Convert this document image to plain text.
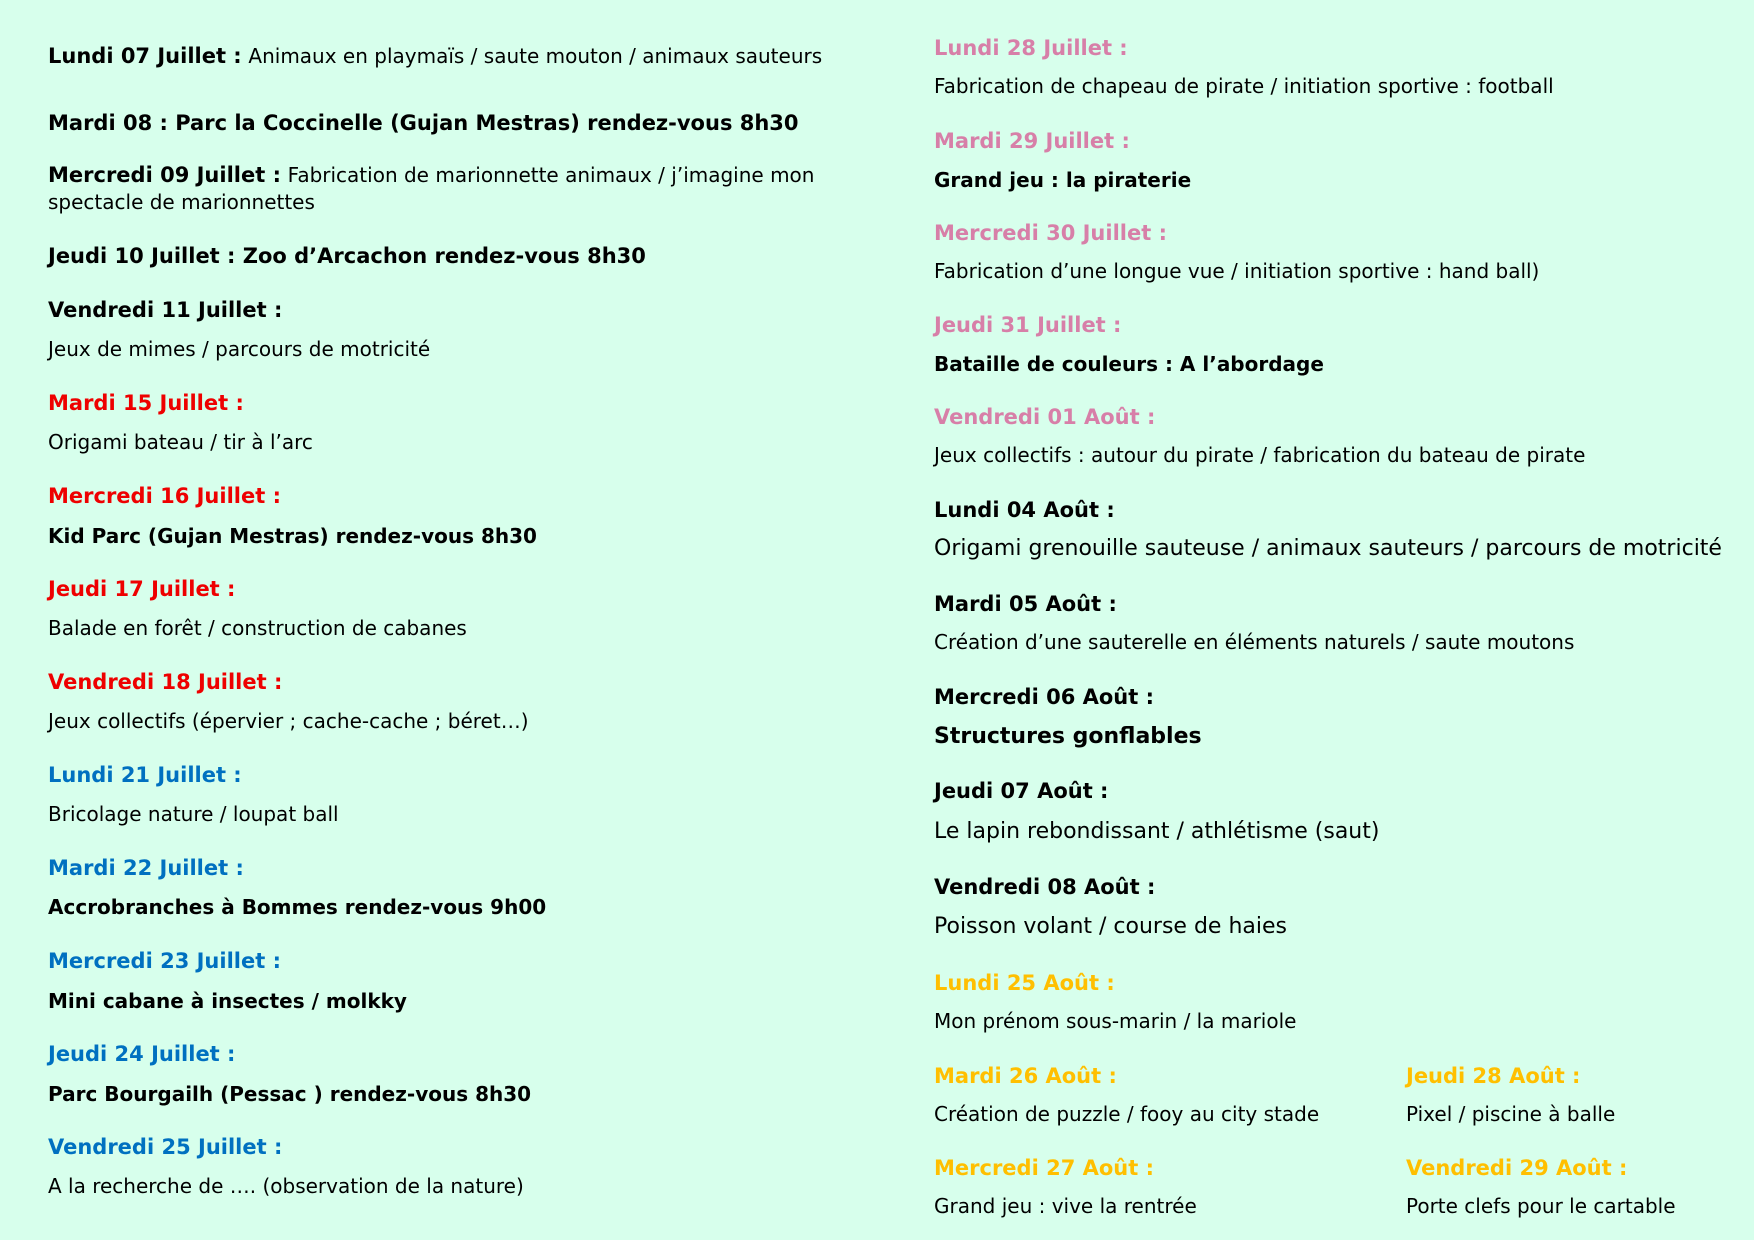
Lundi 07 Juillet : Animaux en playmaïs / saute mouton / animaux sauteurs
Mardi 08 : Parc la Coccinelle (Gujan Mestras) rendez-vous 8h30
Mercredi 09 Juillet : Fabrication de marionnette animaux / j’imagine mon spectacle de marionnettes
Jeudi 10 Juillet : Zoo d’Arcachon rendez-vous 8h30
Vendredi 11 Juillet :
Jeux de mimes / parcours de motricité
Mardi 15 Juillet :
Origami bateau / tir à l’arc
Mercredi 16 Juillet :
Kid Parc (Gujan Mestras) rendez-vous 8h30
Jeudi 17 Juillet :
Balade en forêt / construction de cabanes
Vendredi 18 Juillet :
Jeux collectifs (épervier ; cache-cache ; béret…)
Lundi 21 Juillet :
Bricolage nature / loupat ball
Mardi 22 Juillet :
Accrobranches à Bommes rendez-vous 9h00
Mercredi 23 Juillet :
Mini cabane à insectes / molkky
Jeudi 24 Juillet :
Parc Bourgailh (Pessac ) rendez-vous 8h30
Vendredi 25 Juillet :
A la recherche de …. (observation de la nature)
Lundi 28 Juillet :
Fabrication de chapeau de pirate / initiation sportive : football
Mardi 29 Juillet :
Grand jeu : la piraterie
Mercredi 30 Juillet :
Fabrication d’une longue vue / initiation sportive : hand ball)
Jeudi 31 Juillet :
Bataille de couleurs : A l’abordage
Vendredi 01 Août :
Jeux collectifs : autour du pirate / fabrication du bateau de pirate
Lundi 04 Août :
Origami grenouille sauteuse / animaux sauteurs / parcours de motricité
Mardi 05 Août :
Création d’une sauterelle en éléments naturels / saute moutons
Mercredi 06 Août :
Structures gonflables
Jeudi 07 Août :
Le lapin rebondissant / athlétisme (saut)
Vendredi 08 Août :
Poisson volant / course de haies
Lundi 25 Août :
Mon prénom sous-marin / la mariole
Mardi 26 Août :
Création de puzzle / fooy au city stade
Mercredi 27 Août :
Grand jeu : vive la rentrée
Jeudi 28 Août :
Pixel / piscine à balle
Vendredi 29 Août :
Porte clefs pour le cartable
